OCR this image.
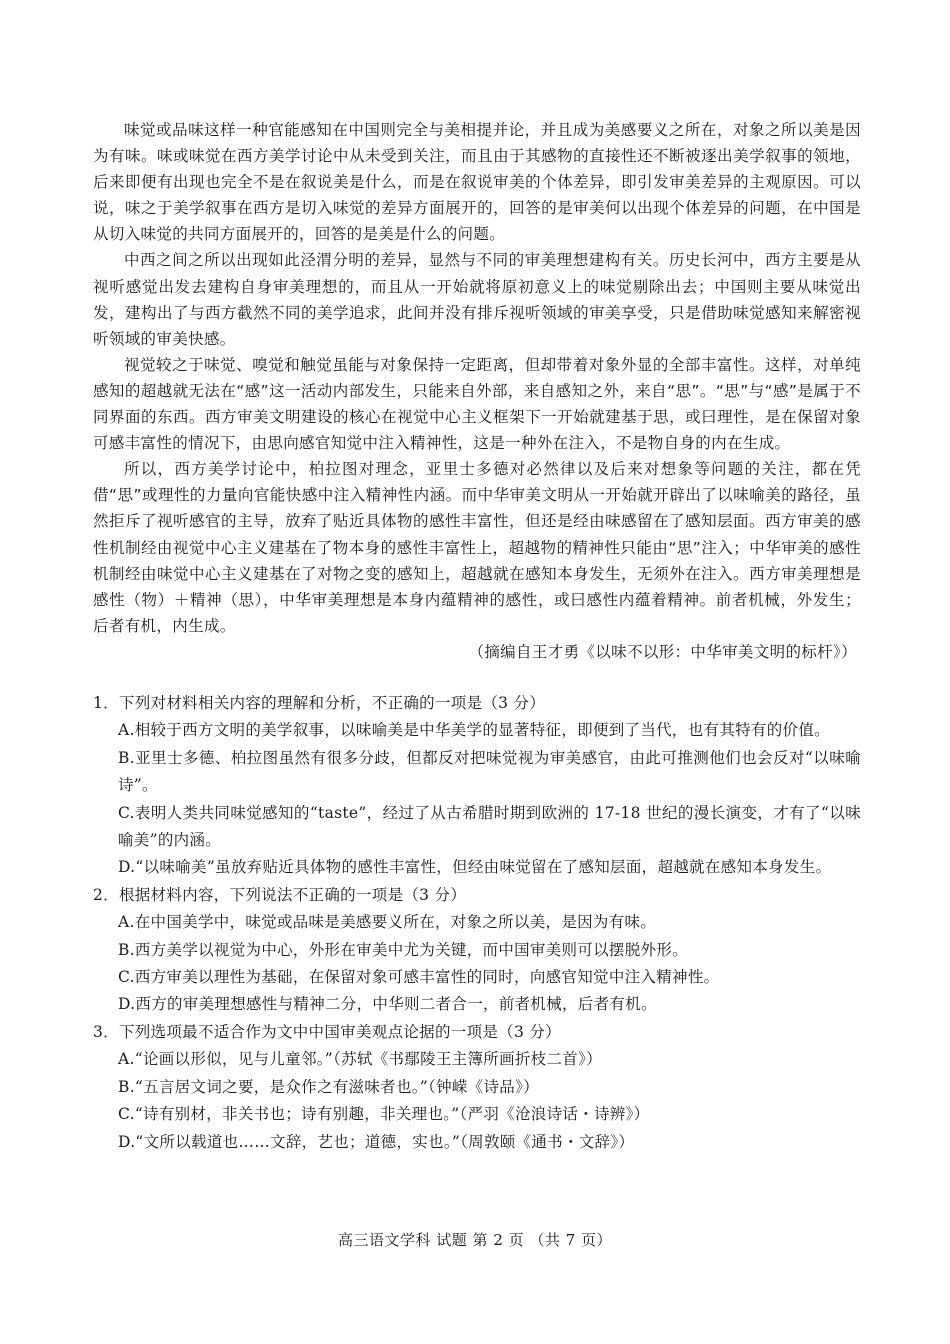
味觉或品味这样一种官能感知在中国则完全与美相提并论，并且成为美感要义之所在，对象之所以美是因为有味。味或味觉在西方美学讨论中从未受到关注，而且由于其感物的直接性还不断被逐出美学叙事的领地，后来即便有出现也完全不是在叙说美是什么，而是在叙说审美的个体差异，即引发审美差异的主观原因。可以说，味之于美学叙事在西方是切入味觉的差异方面展开的，回答的是审美何以出现个体差异的问题，在中国是从切入味觉的共同方面展开的，回答的是美是什么的问题。

中西之间之所以出现如此泾渭分明的差异，显然与不同的审美理想建构有关。历史长河中，西方主要是从视听感觉出发去建构自身审美理想的，而且从一开始就将原初意义上的味觉剔除出去；中国则主要从味觉出发，建构出了与西方截然不同的美学追求，此间并没有排斥视听领域的审美享受，只是借助味觉感知来解密视听领域的审美快感。

视觉较之于味觉、嗅觉和触觉虽能与对象保持一定距离，但却带着对象外显的全部丰富性。这样，对单纯感知的超越就无法在“感”这一活动内部发生，只能来自外部，来自感知之外，来自“思”。“思”与“感”是属于不同界面的东西。西方审美文明建设的核心在视觉中心主义框架下一开始就建基于思，或曰理性，是在保留对象可感丰富性的情况下，由思向感官知觉中注入精神性，这是一种外在注入，不是物自身的内在生成。

所以，西方美学讨论中，柏拉图对理念，亚里士多德对必然律以及后来对想象等问题的关注，都在凭借“思”或理性的力量向官能快感中注入精神性内涵。而中华审美文明从一开始就开辟出了以味喻美的路径，虽然拒斥了视听感官的主导，放弃了贴近具体物的感性丰富性，但还是经由味感留在了感知层面。西方审美的感性机制经由视觉中心主义建基在了物本身的感性丰富性上，超越物的精神性只能由“思”注入；中华审美的感性机制经由味觉中心主义建基在了对物之变的感知上，超越就在感知本身发生，无须外在注入。西方审美理想是感性（物）＋精神（思），中华审美理想是本身内蕴精神的感性，或曰感性内蕴着精神。前者机械，外发生；后者有机，内生成。

（摘编自王才勇《以味不以形：中华审美文明的标杆》）

1．下列对材料相关内容的理解和分析，不正确的一项是（3 分）

A.相较于西方文明的美学叙事，以味喻美是中华美学的显著特征，即便到了当代，也有其特有的价值。

B.亚里士多德、柏拉图虽然有很多分歧，但都反对把味觉视为审美感官，由此可推测他们也会反对“以味喻诗”。

C.表明人类共同味觉感知的“taste”，经过了从古希腊时期到欧洲的 17-18 世纪的漫长演变，才有了“以味喻美”的内涵。

D.“以味喻美”虽放弃贴近具体物的感性丰富性，但经由味觉留在了感知层面，超越就在感知本身发生。

2．根据材料内容，下列说法不正确的一项是（3 分）

A.在中国美学中，味觉或品味是美感要义所在，对象之所以美，是因为有味。

B.西方美学以视觉为中心，外形在审美中尤为关键，而中国审美则可以摆脱外形。

C.西方审美以理性为基础，在保留对象可感丰富性的同时，向感官知觉中注入精神性。

D.西方的审美理想感性与精神二分，中华则二者合一，前者机械，后者有机。

3．下列选项最不适合作为文中中国审美观点论据的一项是（3 分）

A.“论画以形似，见与儿童邻。”（苏轼《书鄢陵王主簿所画折枝二首》）

B.“五言居文词之要，是众作之有滋味者也。”（钟嵘《诗品》）

C.“诗有别材，非关书也；诗有别趣，非关理也。”（严羽《沧浪诗话・诗辨》）

D.“文所以载道也……文辞，艺也；道德，实也。”（周敦颐《通书・文辞》）

高三语文学科 试题 第 2 页 （共 7 页）
